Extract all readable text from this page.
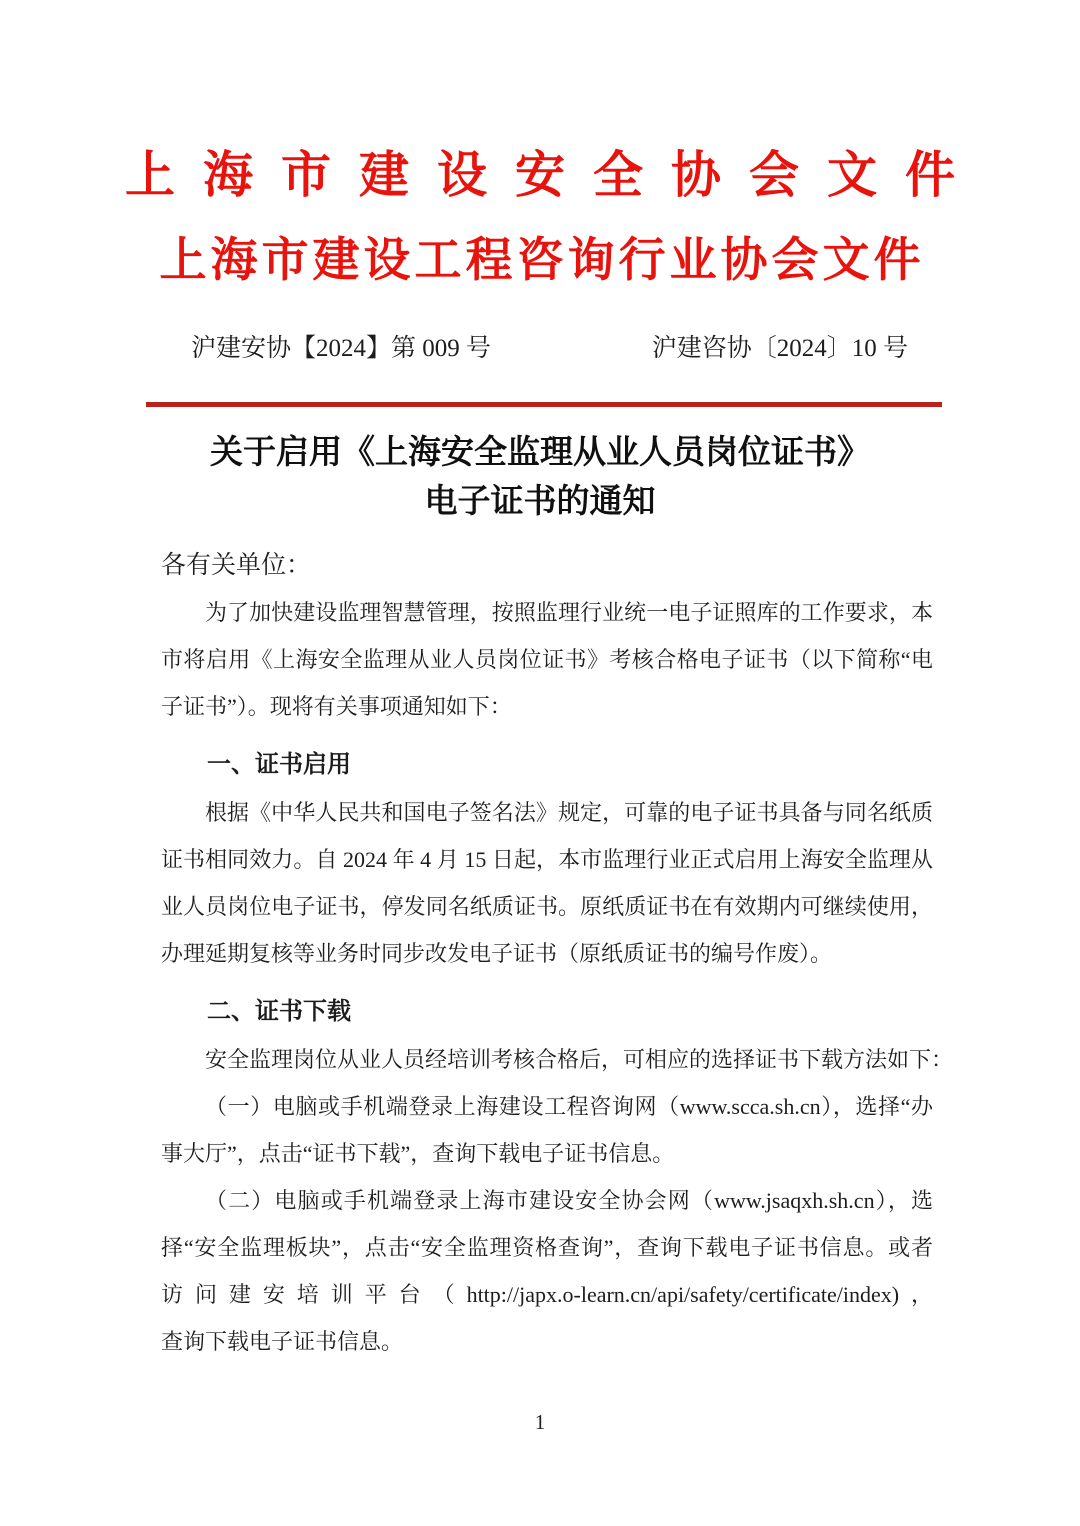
上海市建设安全协会文件
上海市建设工程咨询行业协会文件
沪建安协【2024】第 009 号	沪建咨协〔2024〕10 号
关于启用《上海安全监理从业人员岗位证书》
电子证书的通知
各有关单位：
为了加快建设监理智慧管理，按照监理行业统一电子证照库的工作要求，本
市将启用《上海安全监理从业人员岗位证书》考核合格电子证书（以下简称“电
子证书”）。现将有关事项通知如下：
一、证书启用
根据《中华人民共和国电子签名法》规定，可靠的电子证书具备与同名纸质
证书相同效力。自 2024 年 4 月 15 日起，本市监理行业正式启用上海安全监理从
业人员岗位电子证书，停发同名纸质证书。原纸质证书在有效期内可继续使用，
办理延期复核等业务时同步改发电子证书（原纸质证书的编号作废）。
二、证书下载
安全监理岗位从业人员经培训考核合格后，可相应的选择证书下载方法如下：
（一）电脑或手机端登录上海建设工程咨询网（www.scca.sh.cn），选择“办
事大厅”，点击“证书下载”，查询下载电子证书信息。
（二）电脑或手机端登录上海市建设安全协会网（www.jsaqxh.sh.cn），选
择“安全监理板块”，点击“安全监理资格查询”，查询下载电子证书信息。或者
访问建安培训平台（http://japx.o-learn.cn/api/safety/certificate/index)，
查询下载电子证书信息。
1
